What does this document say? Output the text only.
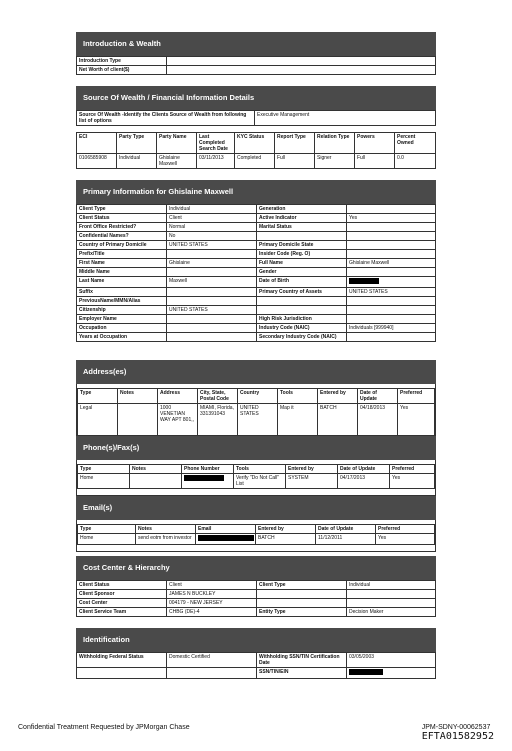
Introduction & Wealth
Introduction Type	
Net Worth of client($)	
Source Of Wealth / Financial Information Details
Source Of Wealth -Identify the Clients Source of Wealth from following list of options	Executive Management
ECI	Party Type	Party Name	Last Completed Search Date	KYC Status	Report Type	Relation Type	Powers	Percent Owned
0106585908	Individual	Ghislaine Maxwell	03/11/2013	Completed	Full	Signer	Full	0.0
Primary Information for Ghislaine Maxwell
Client Type	Individual	Generation	
Client Status	Client	Active Indicator	Yes
Front Office Restricted?	Normal	Marital Status	
Confidential Names?	No		
Country of Primary Domicile	UNITED STATES	Primary Domicile State	
Prefix/Title		Insider Code (Reg. O)	
First Name	Ghislaine	Full Name	Ghislaine Maxwell
Middle Name		Gender	
Last Name	Maxwell	Date of Birth	
Suffix		Primary Country of Assets	UNITED STATES
PreviousName/MMN/Alias			
Citizenship	UNITED STATES		
Employer Name		High Risk Jurisdiction	
Occupation		Industry Code (NAIC)	Individuals [999940]
Years at Occupation		Secondary Industry Code (NAIC)	
Address(es)
Type	Notes	Address	City, State, Postal Code	Country	Tools	Entered by	Date of Update	Preferred
Legal		1000 VENETIAN WAY APT 801,,	MIAMI, Florida, 331391043	UNITED STATES	Map it	BATCH	04/18/2013	Yes
Phone(s)/Fax(s)
Type	Notes	Phone Number	Tools	Entered by	Date of Update	Preferred
Home			Verify "Do Not Call" List	SYSTEM	04/17/2013	Yes
Email(s)
Type	Notes	Email	Entered by	Date of Update	Preferred
Home	send eotm from investor		BATCH	11/12/2011	Yes
Cost Center & Hierarchy
Client Status	Client	Client Type	Individual
Client Sponsor	JAMES N BUCKLEY		
Cost Center	004179 - NEW JERSEY		
Client Service Team	CHBG (DE)-4	Entity Type	Decision Maker
Identification
Withholding Federal Status	Domestic Certified	Withholding SSN/TIN Certification Date	03/05/2003
		SSN/TIN/EIN	
Confidential Treatment Requested by JPMorgan Chase	JPM-SDNY-00062537
EFTA01582952
